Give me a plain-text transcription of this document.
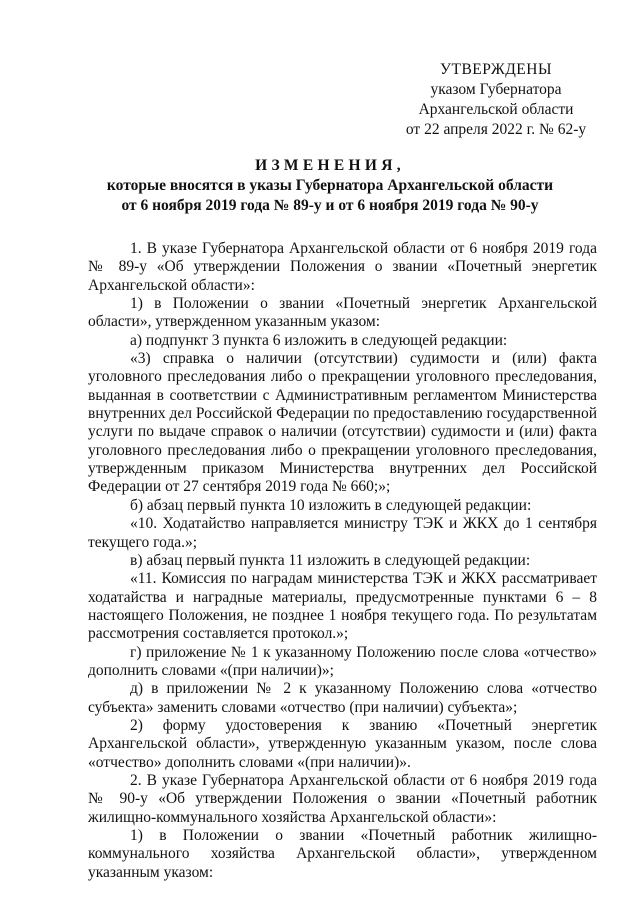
УТВЕРЖДЕНЫ
указом Губернатора
Архангельской области
от 22 апреля 2022 г. № 62-у
ИЗМЕНЕНИЯ,
которые вносятся в указы Губернатора Архангельской области
от 6 ноября 2019 года № 89-у и от 6 ноября 2019 года № 90-у

1. В указе Губернатора Архангельской области от 6 ноября 2019 года № 89-у «Об утверждении Положения о звании «Почетный энергетик Архангельской области»:

1) в Положении о звании «Почетный энергетик Архангельской области», утвержденном указанным указом:

а) подпункт 3 пункта 6 изложить в следующей редакции:

«3) справка о наличии (отсутствии) судимости и (или) факта уголовного преследования либо о прекращении уголовного преследования, выданная в соответствии с Административным регламентом Министерства внутренних дел Российской Федерации по предоставлению государственной услуги по выдаче справок о наличии (отсутствии) судимости и (или) факта уголовного преследования либо о прекращении уголовного преследования, утвержденным приказом Министерства внутренних дел Российской Федерации от 27 сентября 2019 года № 660;»;

б) абзац первый пункта 10 изложить в следующей редакции:

«10. Ходатайство направляется министру ТЭК и ЖКХ до 1 сентября текущего года.»;

в) абзац первый пункта 11 изложить в следующей редакции:

«11. Комиссия по наградам министерства ТЭК и ЖКХ рассматривает ходатайства и наградные материалы, предусмотренные пунктами 6 – 8 настоящего Положения, не позднее 1 ноября текущего года. По результатам рассмотрения составляется протокол.»;

г) приложение № 1 к указанному Положению после слова «отчество» дополнить словами «(при наличии)»;

д) в приложении № 2 к указанному Положению слова «отчество субъекта» заменить словами «отчество (при наличии) субъекта»;

2) форму удостоверения к званию «Почетный энергетик Архангельской области», утвержденную указанным указом, после слова «отчество» дополнить словами «(при наличии)».

2. В указе Губернатора Архангельской области от 6 ноября 2019 года № 90-у «Об утверждении Положения о звании «Почетный работник жилищно-коммунального хозяйства Архангельской области»:

1) в Положении о звании «Почетный работник жилищно-коммунального хозяйства Архангельской области», утвержденном указанным указом:
